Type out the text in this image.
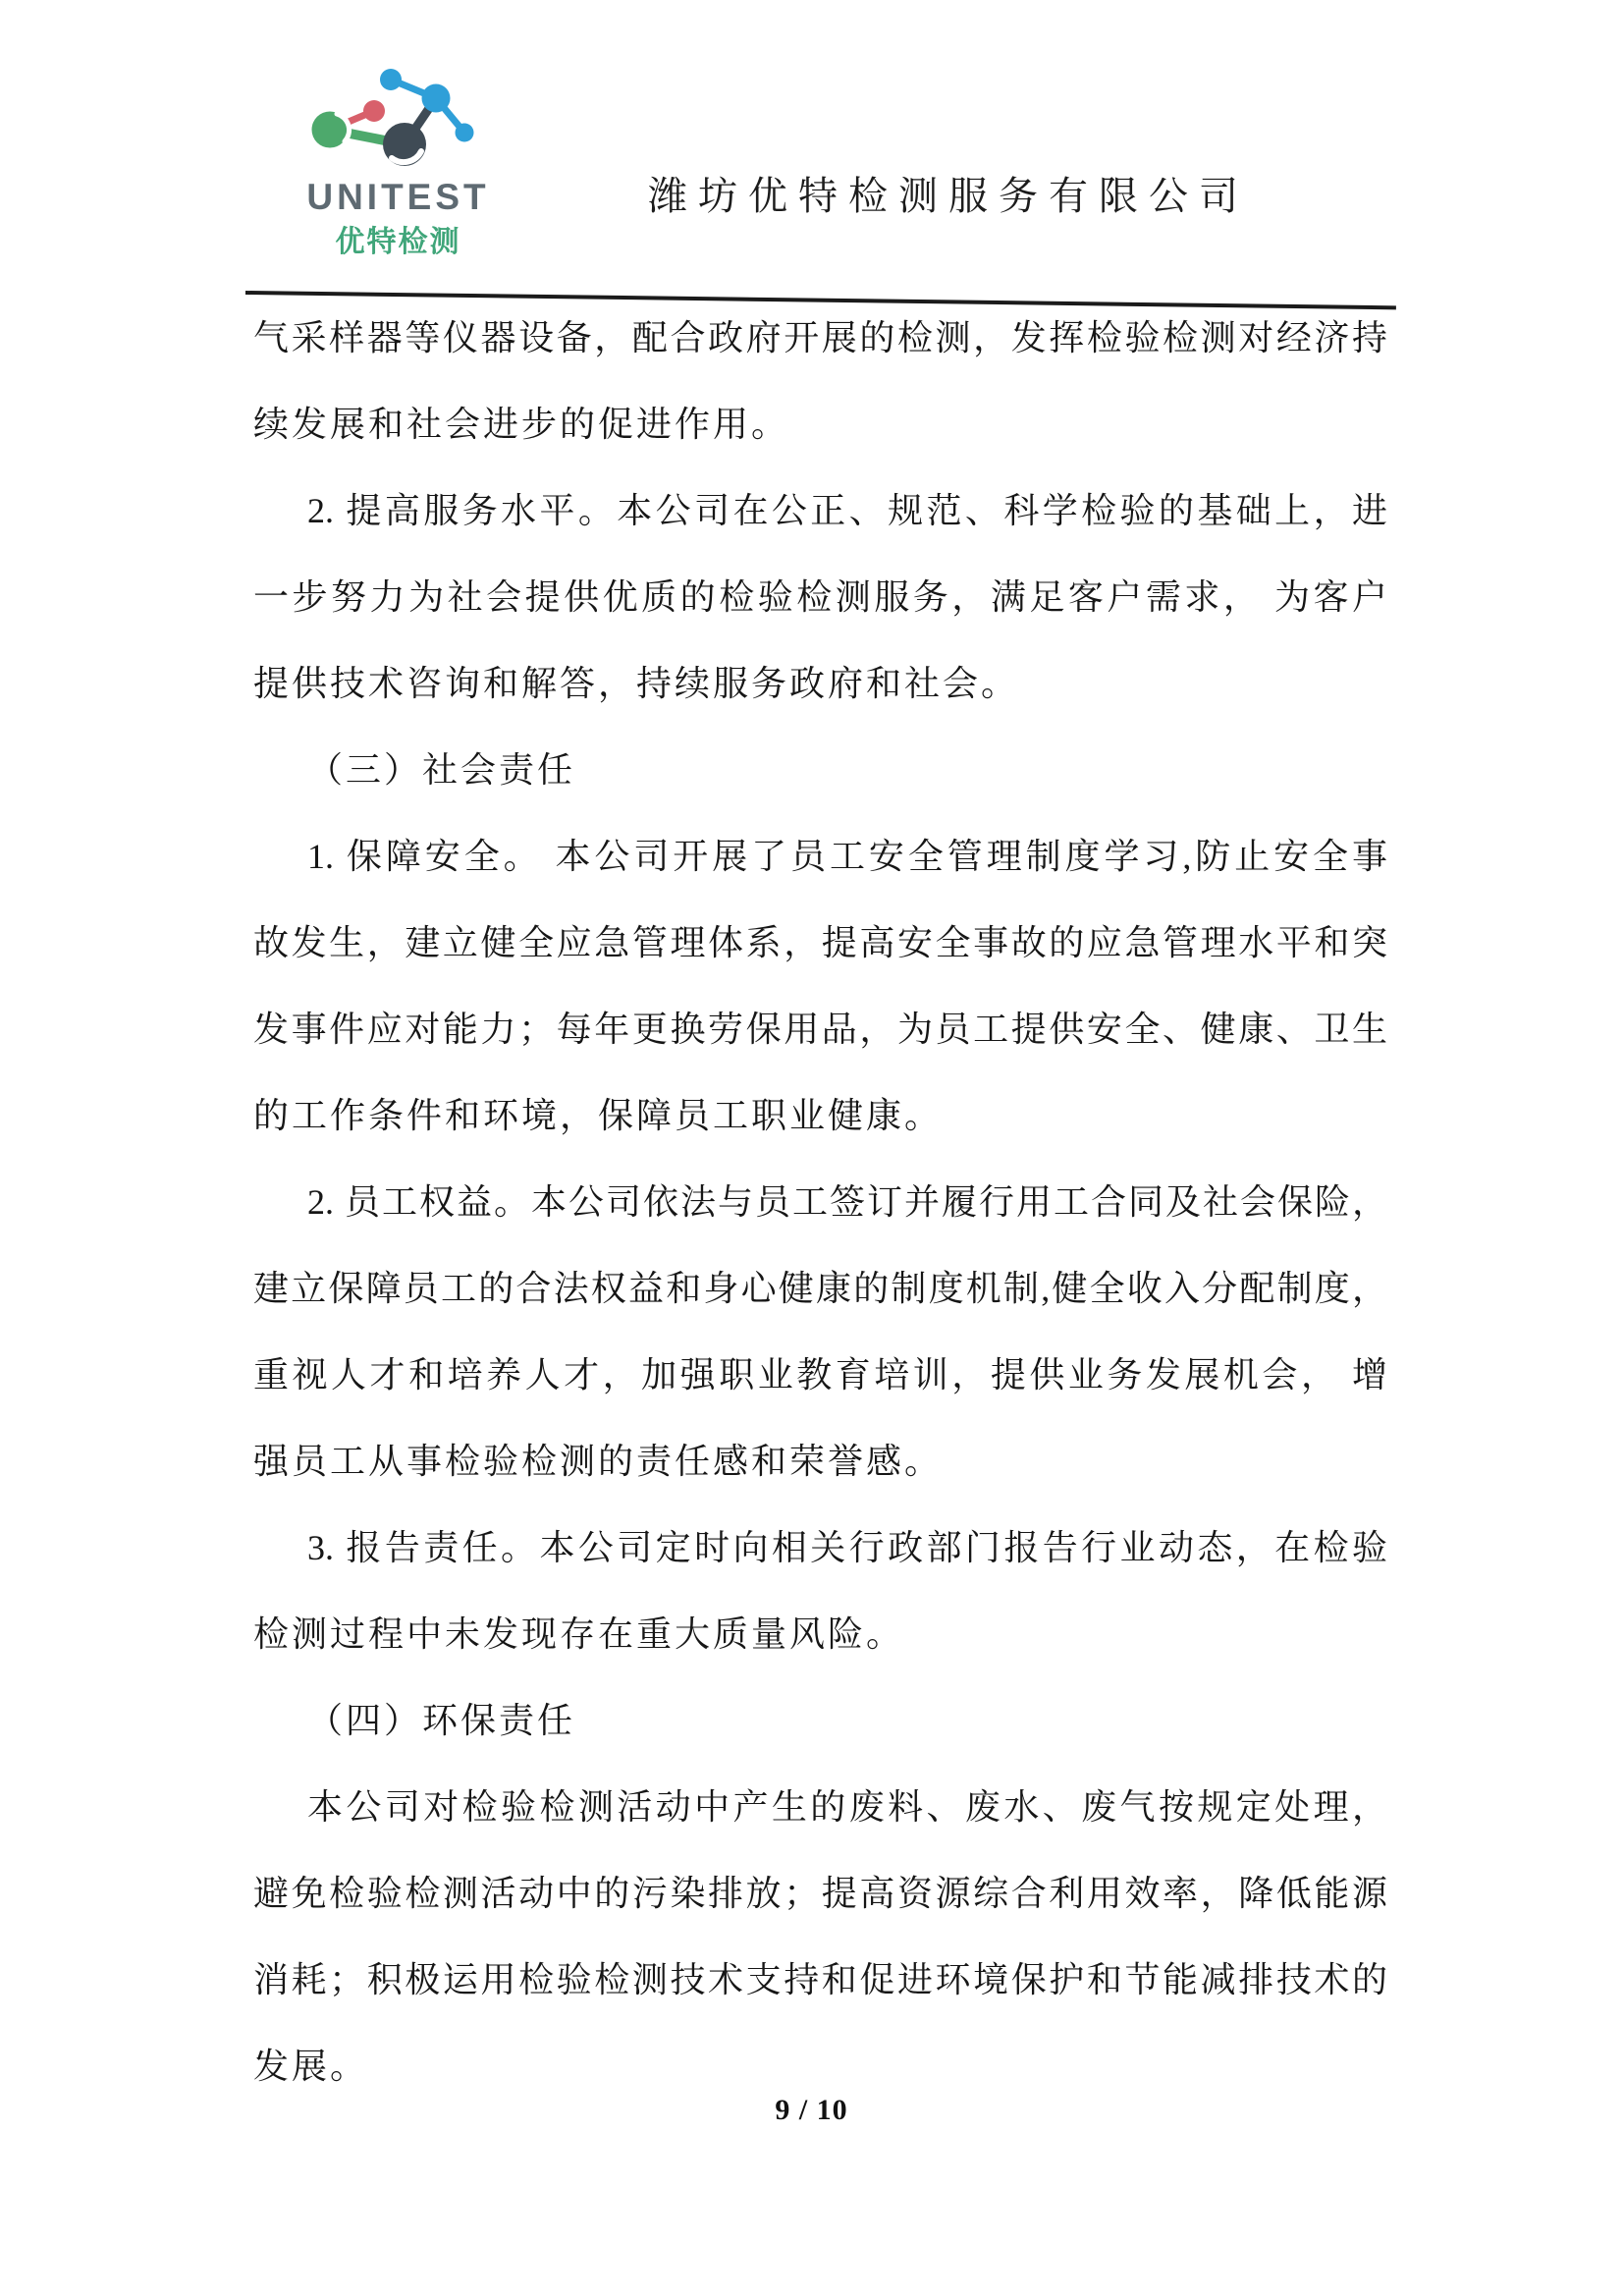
UNITEST
优特检测
潍坊优特检测服务有限公司
气采样器等仪器设备，配合政府开展的检测，发挥检验检测对经济持
续发展和社会进步的促进作用。
2. 提高服务水平。本公司在公正、规范、科学检验的基础上，进
一步努力为社会提供优质的检验检测服务，满足客户需求， 为客户
提供技术咨询和解答，持续服务政府和社会。
（三）社会责任
1. 保障安全。 本公司开展了员工安全管理制度学习,防止安全事
故发生，建立健全应急管理体系，提高安全事故的应急管理水平和突
发事件应对能力；每年更换劳保用品，为员工提供安全、健康、卫生
的工作条件和环境，保障员工职业健康。
2. 员工权益。本公司依法与员工签订并履行用工合同及社会保险，
建立保障员工的合法权益和身心健康的制度机制,健全收入分配制度，
重视人才和培养人才，加强职业教育培训，提供业务发展机会， 增
强员工从事检验检测的责任感和荣誉感。
3. 报告责任。本公司定时向相关行政部门报告行业动态，在检验
检测过程中未发现存在重大质量风险。
（四）环保责任
本公司对检验检测活动中产生的废料、废水、废气按规定处理，
避免检验检测活动中的污染排放；提高资源综合利用效率，降低能源
消耗；积极运用检验检测技术支持和促进环境保护和节能减排技术的
发展。
9 / 10
